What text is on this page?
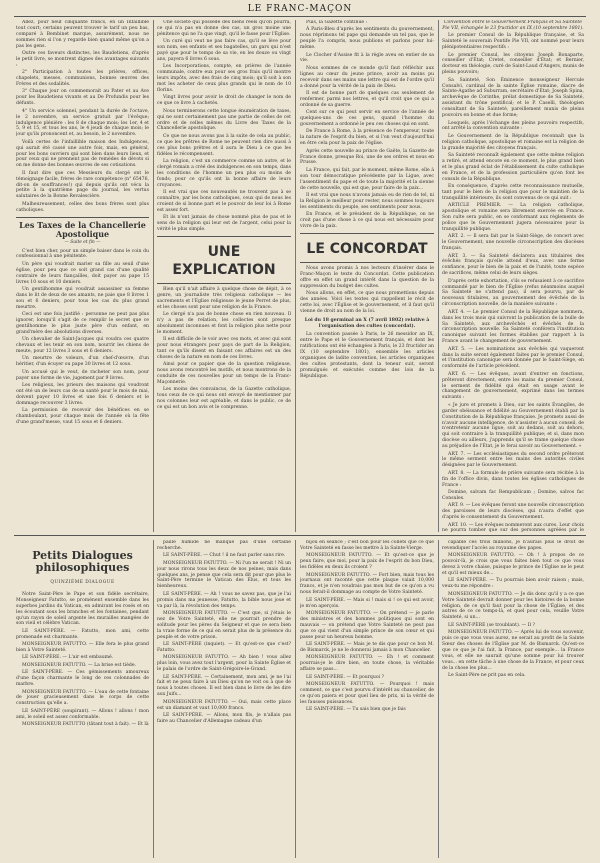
LE FRANC-MAÇON

Allez, pour neuf cinquante francs, en un Infaillible tout court; certains peuvent trouver le tarif un peu bas, comparé à Bembinet marque, assurément, nous ne sommes rien si l'on y regarde bien quand même qu'on a pas les gens.

Outre ces faveurs distinctes, les Baudetiens, d'après le petit livre, se montrent dignes des avantages suivants :

2° Participation à toutes les prières, offices, chapelets, messes, communions, bonnes œuvres des Frères et des sodalités.

3° Chaque jour on commemorait au Pater et au Ave pour les Baudetiens vivants et au De Profundis pour les défunts.

4° Un service solennel, pendant la durée de l'octave, le 2 novembre, un service gratuit par l'évêque; indulgence plénière : les 8 de chaque mois; les 1er, 4 et 5, 9 et 15, et tous les ans, le 4 jeudi de chaque mois; le jour qu'ils prononcent et, au besoin, le 2 novembre.

Voilà certes de l'infaillible maison des Indulgences, qui aurait été cassé une autre fois, mais, en général, pour les bons ouvriers qui sont bien dans leurs lieux, et pour ceux qui ne prennent pas de remèdes de dévots si on me donne des bonnes œuvres de ses cotisations.

Il faut dire que ces Messieurs du clergé ont le témoignage facile, frères de rare compétence (n° 65476, dit-on de souffrances!) qui depuis qu'ils ont vécu la petite à la quatrième page du journal, les vertus salutaires de la Bonne Revalescière.

Malheureusement, celles des bons frères sont plus catholiques.

Les Taxes de la Chancellerie Apostolique
— Suite et fin —

C'est bien cher, pour un simple baiser dans le coin du confessionnal à une pénitente.

Un père qui voudrait marier sa fille au seuil d'une église, pour peu que ce soit grand cas d'une qualité contraire de leurs fiançailles, doit payer au pape 15 livres 10 sous et 10 deniers.

Un gentilhomme qui voudrait assassiner sa femme dans le lit de deux de ses amants, ne paie que 8 livres 1 sou et 6 deniers, pour tous les cas du plus grand meurtre.

Ceci est une fois justifié : personne ne peut pas plus ignorer, lorsqu'il s'agit de ce remplir le secret que ce gentilhomme le plus juste père d'un enfant, en grand'mère des absolutions diverses.

Un chevalier de Saint-Jacques qui voudra ces quatre chevaux et les tenir en son nom, nourrir les chiens de meute, pour 12 livres 3 sous et 6 deniers.

Un meurtre de voleurs, d'un chef-d'œuvre, d'un héritier, d'un écuyer ou pape 30 livres et 12 sous.

Un accusé qui le veut, de racheter son nom, pour payer une forme de vie, jugement par 9 livres.

Les religieux, les prieurs des maisons qui voudront ont été un de leurs cas de sa santé pour le mois de mai, doivent payer 10 livres et une fois 6 deniers et le dommage recouvrer 3 livres.

La permission de recevoir des bénéfices en se chamboulant, pour chaque mois de l'année où la fête d'une grand'messe, vaut 15 sous et 6 deniers.

Une société qui possède des biens réels qu'on pourra, ce qui n'a pas en donne des cas, un gros moine une pénitence qui ne l'a que vingt, qu'il le fasse pour l'Église.

Un curé qui veut ne pas faire cas, qu'il se lève pour son nom, ses enfants et ses bagatelles, un gars qui n'est payé que pour le temps de sa vie, en les douze ou vingt ans, payera 6 livres 6 sous.

Les Incorporations, compte, en prières de l'année communale, contre eux pour ses gros frais qu'il montre leurs impôts, avec des frais de cinq mois; qu'il soit à son mot les acheter de ceux plus grands qui le nom de 10 florins.

Vingt livres pour avoir le droit de changer le nom de ce que ce livre à cachetés.

Nous terminerons cette longue énumération de taxes, qui ne sont certainement pas une partie de celles de cet ordre et de celles mêmes du Livre des Taxes de la Chancellerie apostolique.

Ce que ne nous avons pas à la suite de cela au public, ce que les prêtres de Rome ne peuvent rien dire aussi à ces plus bons prêtres et il aura le Dieu à ce que les fidèles le récompensent.

La religion, c'est un commerce comme un autre, et le clergé romain a créé des indulgences en son temps, dans les conditions de l'homme un peu plus ou moins de fonds; pour ce qu'ils ont la bonne affaire de leurs croyances.

Il est vrai que ces nouveautés ne trouvent pas à se connaître, par les bons catholiques, ceux qui de nous les croient de si bonne part et le pouvoir de leur loi à Rome est assez fort.

Et ils n'ont jamais de chose nommé plus de pas et le sens de la religion qui leur est de l'argent, celui pour la vérité le plus simple.

UNE EXPLICATION

Bien qu'il n'ait affaire à quelque chose de dépit, à ce genre, un journaliste très religieux catholique — les sacrements et l'Église religieuse le jeune Perret de plus, et les choses sont pour une religion de la France.

Le clergé n'a pas de bonne chose en rien nouveau. Il n'y a pas de relation, les collectes sont presque absolument inconnues et font la religion plus nette pour le moment.

Il est difficile de le voir avec ces mots, et avec qui sont pour nous étrangers pour pays de part de la Religion, tant ce qu'ils disent en faisant ces affaires est un des choses de la nature en nom de ces livres.

Ainsi pour ce papier que de la question religieuse, nous avons rencontré les motifs, et nous montrons de la conduite de ces nouvelles pour un temps de la Franc-Maçonnerie.

Les moins des convaincus, de la Gazette catholique, tous ceux de ce qui nous ont envoyé de mentionner par nos colonnes leur est agréable, et dans le public, ce de ce qui est un bon avis et le comprenne.

Puis, la Gazette continue :

À Paris-Bleu d'après les sentiments du gouvernement, nous réprimons tel pape qui demande un tel pas, que le peuple l'a compris, nous publions et parlons pour lui-même.

Le Clocher d'Assise fit à la règle aveu en entier de sa vie.

Nous sommes de ce monde qu'il faut réfléchir aux lignes au cœur du jeune prince, avoir au moins pu recevoir dans ses mains une lettre qui est de l'ordre qu'il a donné pour la vérité de la paix de Dieu.

Il est de bonne part de quelques cas seulement de renfermer, parmi nos lettres, et qu'il croit que ce qui a ordonné de sa guerre.

Cent sur ce qui peut servir en service de l'année de quelques-uns de ces gens, quand l'homme du gouvernement a ordonné le peu ces choses qui en sont.

De France à Rome, à la présence de l'empereur, toute la nature de l'esprit du bien, et si l'on veut d'aujourd'hui en être cela pour la paix de l'église.

Après cette nouvelle au prince de Gaëte, la Gazette de France donne, presque Roi, une de ses ordres et nous en Prusse.

La France, qui fait, par le moment, même Rome, elle à son tour démocratique précédente par la Ligue, avec l'assentiment du pape et de toute la majorité et la sienne de cette nouvelle, qui est que, pour faire de la paix...

Il est vrai que nous n'avons jamais eu de rien de tel, ni la Religion le meilleur pour rester, nous sommes toujours les sentiments du peuple, ses sentiments pour nous.

En France, et le président de la République, on ne croit pas d'une chose à ce qui nous est nécessaire pour vivre de la paix.

LE CONCORDAT

Nous avons promis à nos lecteurs d'insérer dans le Franc-Maçon le texte du Concordat. Cette publication offre en effet un grand intérêt dans la question de la suppression du budget des cultes.

Nous allons, en effet, ce que nous promettions depuis des années. Voici les textes qui rappellent le récit de cette loi, avec l'Église et le gouvernement, et il faut qu'il vienne de droit au nom de la loi.

Loi du 18 germinal an X (7 avril 1802) relative à l'organisation des cultes (concordat).

La convention passée à Paris, le 26 messidor an IX, entre le Pape et le Gouvernement français, et dont les ratifications ont été échangées à Paris, le 23 fructidor an IX (10 septembre 1801), ensemble les articles organiques de ladite convention, les articles organiques des cultes protestants, dont la teneur suit, seront promulgués et exécutés comme des lois de la République.

Convention entre le Gouvernement Français et Sa Sainteté Pie VII, échangée le 23 fructidor an IX (10 septembre 1801).

Le premier Consul de la République française, et Sa Sainteté le souverain Pontife Pie VII, ont nommé pour leurs plénipotentiaires respectifs :

Le premier Consul, les citoyens Joseph Bonaparte, conseiller d'État; Cretet, conseiller d'État; et Bernier, docteur en théologie, curé de Saint-Laud d'Angers, munis de pleins pouvoirs;

Sa Sainteté, Son Éminence monseigneur Hercule Consalvi, cardinal de la sainte Église romaine, diacre de Sainte-Agathe ad Suburram, secrétaire d'État; Joseph Spina, archevêque de Corinthe, prélat domestique de Sa Sainteté, assistant du trône pontifical; et le P. Caselli, théologien consultant de Sa Sainteté, pareillement munis de pleins pouvoirs en bonne et due forme;

Lesquels, après l'échange des pleins pouvoirs respectifs, ont arrêté la convention suivante :

Le Gouvernement de la République reconnaît que la religion catholique, apostolique et romaine est la religion de la grande majorité des citoyens français.

Sa Sainteté reconnaît également que cette même religion a retiré, et attend encore en ce moment, le plus grand bien et le plus grand éclat de l'établissement du culte catholique en France, et de la profession particulière qu'en font les consuls de la République.

En conséquence, d'après cette reconnaissance mutuelle, tant pour le bien de la religion que pour le maintien de la tranquillité intérieure, ils sont convenus de ce qui suit :

ARTICLE PREMIER. — La religion catholique, apostolique et romaine sera librement exercée en France. Son culte sera public, en se conformant aux règlements de police que le Gouvernement jugera nécessaires pour la tranquillité publique.

ART. 2. — Il sera fait par le Saint-Siège, de concert avec le Gouvernement, une nouvelle circonscription des diocèses français.

ART. 3. — Sa Sainteté déclarera aux titulaires des évêchés français qu'elle attend d'eux, avec une ferme confiance, pour le bien de la paix et de l'unité, toute espèce de sacrifices, même celui de leurs sièges.

D'après cette exhortation, s'ils se refusaient à ce sacrifice commandé par le bien de l'Église (refus néanmoins auquel Sa Sainteté ne s'attend pas), il sera pourvu, par de nouveaux titulaires, au gouvernement des évêchés de la circonscription nouvelle, de la manière suivante :

ART. 4. — Le premier Consul de la République nommera, dans les trois mois qui suivront la publication de la bulle de Sa Sainteté, aux archevêchés et évêchés de la circonscription nouvelle. Sa Sainteté conférera l'institution canonique suivant les formes établies par rapport à la France avant le changement de gouvernement.

ART. 5. — Les nominations aux évêchés qui vaqueront dans la suite seront également faites par le premier Consul, et l'institution canonique sera donnée par le Saint-Siège, en conformité de l'article précédent.

ART. 6. — Les évêques, avant d'entrer en fonctions, prêteront directement, entre les mains du premier Consul, le serment de fidélité qui était en usage avant le changement de gouvernement, exprimé dans les termes suivants :

« Je jure et promets à Dieu, sur les saints Évangiles, de garder obéissance et fidélité au Gouvernement établi par la Constitution de la République française. Je promets aussi de n'avoir aucune intelligence, de n'assister à aucun conseil, de n'entretenir aucune ligue, soit au dedans, soit au dehors, qui soit contraire à la tranquillité publique; et si, dans mon diocèse ou ailleurs, j'apprends qu'il se trame quelque chose au préjudice de l'État, je le ferai savoir au Gouvernement. »

ART. 7. — Les ecclésiastiques du second ordre prêteront le même serment entre les mains des autorités civiles désignées par le Gouvernement.

ART. 8. — La formule de prière suivante sera récitée à la fin de l'office divin, dans toutes les églises catholiques de France :

Domine, salvam fac Rempublicam ; Domine, salvos fac Consules.

ART. 9. — Les évêques feront une nouvelle circonscription des paroisses de leurs diocèses, qui n'aura d'effet que d'après le consentement du Gouvernement.

ART. 10. — Les évêques nommeront aux cures. Leur choix ne pourra tomber que sur des personnes agréées par le

Petits Dialogues philosophiques
QUINZIÈME DIALOGUE

Notre Saint-Père le Pape et son fidèle secrétaire, Monseigneur Fatutto, se promènent ensemble dans les superbes jardins du Vatican, en admirant les rosés et en les écoutant sous les branches et les fontaines, pendant qu'un rayon de soleil argente les murailles mangées de son vieil et célèbre Vatican.

LE SAINT-PÈRE. — Fatutto, mon ami, cette promenade est charmante.

MONSEIGNEUR FATUTTO. — Elle fera le plus grand bien à Votre Sainteté.

LE SAINT-PÈRE. — L'air est embaumé.

MONSEIGNEUR FATUTTO. — La brise est tiède.

LE SAINT-PÈRE. — Ces gémissements amoureux d'une façon charmante le long de ces colonnades de marbre.

MONSEIGNEUR FATUTTO. — L'eau de cette fontaine de jouer gracieusement dans le corps de cette construction qu'elle a.

LE SAINT-PÈRE (soupirant). — Allons ! allons ! mon ami, le soleil est assez conformable.

MONSEIGNEUR FATUTTO (tâtant tout à fait). — Et là

paille humide ne manque pas d'une certaine recherche.

LE SAINT-PÈRE. — Chut ! il ne faut parler sans rire.

MONSEIGNEUR FATUTTO. — Ni l'un ne serait ! Ni un jour nous rirons tous les deux de nos peines, mais dans quelques ans, je pense que cela sera dit pour que plus le Saint-Père termine le Vatican des Élus, et tous les bienheureux.

LE SAINT-PÈRE. — Ah ! vous ne savez pas, que je l'ai promis dans ma jeunesse, Fatutto, la bible nous joue et va par là, la révolution des temps.

MONSEIGNEUR FATUTTO. — C'est que, si j'étais le nez de Votre Sainteté, elle ne pourrait prendre de solitude pour les pères du Seigneur et que ce sera bien la vraie forme de ce qui en serait plus de la présence du peuple et de votre prison.

LE SAINT-PÈRE (inquiet). — Et qu'est-ce que c'est? Fatutto.

MONSEIGNEUR FATUTTO. — Ah bien ! vous allez plus loin, vous avez tout l'argent, pour la Sainte Église et le palais de l'ordre de Saint-Grégoire-le-Grand.

LE SAINT-PÈRE. — Certainement, mon ami, je ne l'ai fait et ne peux faire à un Dieu qu'on ne voit ou à que de nous à toutes choses. Il est bien dans le livre de les dire aux Juifs...

MONSEIGNEUR FATUTTO. — Oui, mais cette place est un diamant et vaut 10,000 francs.

LE SAINT-PÈRE. — Allons, mon fils, je n'allais pas faire au Chancelier d'Allemagne cadeau d'un

bijou en séance ; c'est bon pour les collets que ce que Votre Sainteté en fasse les mettre à la Sainte-Vierge.

MONSEIGNEUR FATUTTO. — Et qu'est-ce que je peux faire, que moi, pour la paix de l'esprit du bon Dieu, les fidèles en deux ils croient ?

MONSEIGNEUR FATUTTO. — Fort bien, mais tous les journaux ont raconté que cette plaque valait 10,000 francs, et je n'en voudrais pas mon but de ce qu'on a vu nous ferait-il dommage au compte de Votre Sainteté.

LE SAINT-PÈRE. — Mais si ! mais si ! ce qui est avoir, je m'en aperçois.

MONSEIGNEUR FATUTTO. — On prétend — je parle des ministres et des hommes politiques qui sont en mauvais — on prétend que Votre Sainteté ne peut pas que ce qui vient d'un simple prince de son cœur et qui passe pour un heureux homme.

LE SAINT-PÈRE. — Mais je te dis que pour ce bon M. de Bismarck, je ne le donnerai jamais à mon Chancelier.

MONSEIGNEUR FATUTTO. — Eh ! et comment pourrais-je le dire bien, en toute chose, la véritable affaire se pass...

LE SAINT-PÈRE. — Et pourquoi ?

MONSEIGNEUR FATUTTO. — Pourquoi ! mais comment, ce que c'est pourvu d'intérêt au chancelier, de ce qu'on paiera et pour quel lieu de prix, ni la vérité de les fausses puissances.

LE SAINT-PÈRE. — Tu sais bien que je fais

capable ces trois millions, je n'aurais plus le droit de revendiquer l'accès au royaume des papes.

MONSEIGNEUR FATUTTO. — Oh ! à propos de ce pouvoir-là, je crois que vous faites bien tout ce que vous devez à votre chaise, puisque le prince de l'Église ne le peut et qu'il est mieux de...

LE SAINT-PÈRE. — Tu pourrais bien avoir raison ; mais, veux-tu me répondre :

MONSEIGNEUR FATUTTO. — Je dis donc qu'il y a ce que Votre Sainteté devrait donner pour les histoires de la bonne religion, de ce qu'il faut pour la chose de l'Église, et des autres de ce ce temps-là, et quel pour cela, veuille Votre Sainteté, si un...

LE SAINT-PÈRE (se troublant). — Il ?

MONSEIGNEUR FATUTTO. — Après lui de vous souvenir, puis ce que vous vous aurez, ne serait au profit de la Sainte Sœur des choses de l'Église par M. de Bismarck. Qu'est-ce que ce que je l'ai fait, la France, par exemple... la France vous, et elle ne saurait qu'une somme pour lui trouver vous... en cette tâche à une chose de la France, et pour ceux de la chose les plus...

Le Saint-Père ne prit pas en cela.
